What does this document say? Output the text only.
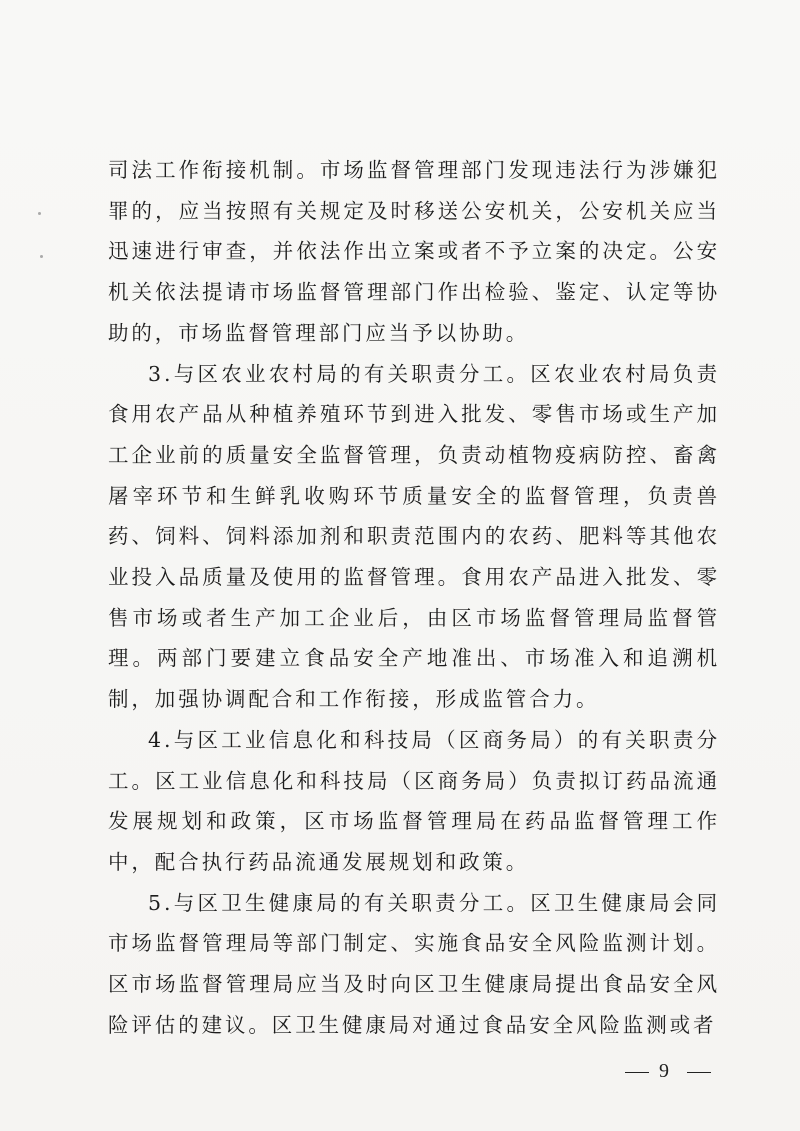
司法工作衔接机制。市场监督管理部门发现违法行为涉嫌犯罪的，应当按照有关规定及时移送公安机关，公安机关应当迅速进行审查，并依法作出立案或者不予立案的决定。公安机关依法提请市场监督管理部门作出检验、鉴定、认定等协助的，市场监督管理部门应当予以协助。

3.与区农业农村局的有关职责分工。区农业农村局负责食用农产品从种植养殖环节到进入批发、零售市场或生产加工企业前的质量安全监督管理，负责动植物疫病防控、畜禽屠宰环节和生鲜乳收购环节质量安全的监督管理，负责兽药、饲料、饲料添加剂和职责范围内的农药、肥料等其他农业投入品质量及使用的监督管理。食用农产品进入批发、零售市场或者生产加工企业后，由区市场监督管理局监督管理。两部门要建立食品安全产地准出、市场准入和追溯机制，加强协调配合和工作衔接，形成监管合力。

4.与区工业信息化和科技局（区商务局）的有关职责分工。区工业信息化和科技局（区商务局）负责拟订药品流通发展规划和政策，区市场监督管理局在药品监督管理工作中，配合执行药品流通发展规划和政策。

5.与区卫生健康局的有关职责分工。区卫生健康局会同市场监督管理局等部门制定、实施食品安全风险监测计划。区市场监督管理局应当及时向区卫生健康局提出食品安全风险评估的建议。区卫生健康局对通过食品安全风险监测或者

9
